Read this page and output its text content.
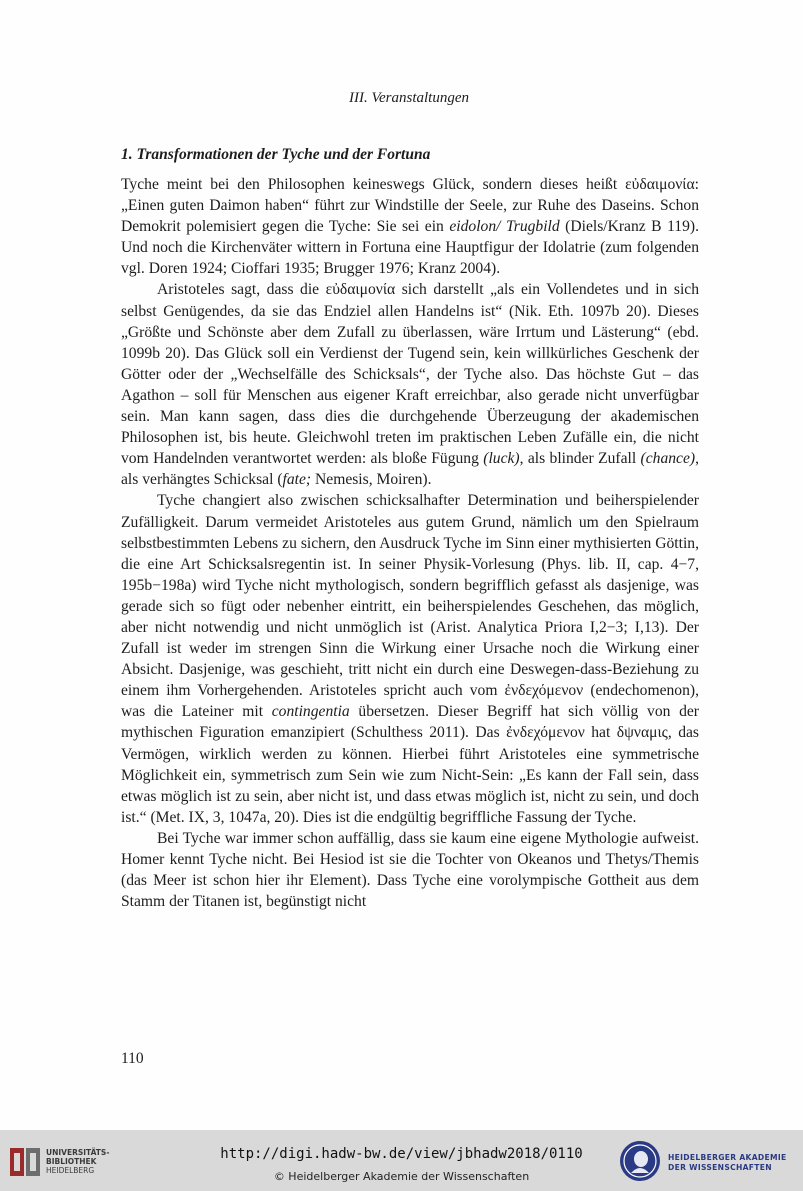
III. Veranstaltungen
1. Transformationen der Tyche und der Fortuna

Tyche meint bei den Philosophen keineswegs Glück, sondern dieses heißt εὐδαιμονία: „Einen guten Daimon haben“ führt zur Windstille der Seele, zur Ruhe des Daseins. Schon Demokrit polemisiert gegen die Tyche: Sie sei ein eidolon/ Trugbild (Diels/Kranz B 119). Und noch die Kirchenväter wittern in Fortuna eine Hauptfigur der Idolatrie (zum folgenden vgl. Doren 1924; Cioffari 1935; Brugger 1976; Kranz 2004).

Aristoteles sagt, dass die εὐδαιμονία sich darstellt „als ein Vollendetes und in sich selbst Genügendes, da sie das Endziel allen Handelns ist“ (Nik. Eth. 1097b 20). Dieses „Größte und Schönste aber dem Zufall zu überlassen, wäre Irrtum und Lästerung“ (ebd. 1099b 20). Das Glück soll ein Verdienst der Tugend sein, kein willkürliches Geschenk der Götter oder der „Wechselfälle des Schicksals“, der Tyche also. Das höchste Gut – das Agathon – soll für Menschen aus eigener Kraft erreichbar, also gerade nicht unverfügbar sein. Man kann sagen, dass dies die durchgehende Überzeugung der akademischen Philosophen ist, bis heute. Gleichwohl treten im praktischen Leben Zufälle ein, die nicht vom Handelnden verantwortet werden: als bloße Fügung (luck), als blinder Zufall (chance), als verhängtes Schicksal (fate; Nemesis, Moiren).

Tyche changiert also zwischen schicksalhafter Determination und beiherspielender Zufälligkeit. Darum vermeidet Aristoteles aus gutem Grund, nämlich um den Spielraum selbstbestimmten Lebens zu sichern, den Ausdruck Tyche im Sinn einer mythisierten Göttin, die eine Art Schicksalsregentin ist. In seiner Physik-Vorlesung (Phys. lib. II, cap. 4−7, 195b−198a) wird Tyche nicht mythologisch, sondern begrifflich gefasst als dasjenige, was gerade sich so fügt oder nebenher eintritt, ein beiherspielendes Geschehen, das möglich, aber nicht notwendig und nicht unmöglich ist (Arist. Analytica Priora I,2−3; I,13). Der Zufall ist weder im strengen Sinn die Wirkung einer Ursache noch die Wirkung einer Absicht. Dasjenige, was geschieht, tritt nicht ein durch eine Deswegen-dass-Beziehung zu einem ihm Vorhergehenden. Aristoteles spricht auch vom ἐνδεχόμενον (endechomenon), was die Lateiner mit contingentia übersetzen. Dieser Begriff hat sich völlig von der mythischen Figuration emanzipiert (Schulthess 2011). Das ἐνδεχόμενον hat δψναμις, das Vermögen, wirklich werden zu können. Hierbei führt Aristoteles eine symmetrische Möglichkeit ein, symmetrisch zum Sein wie zum Nicht-Sein: „Es kann der Fall sein, dass etwas möglich ist zu sein, aber nicht ist, und dass etwas möglich ist, nicht zu sein, und doch ist.“ (Met. IX, 3, 1047a, 20). Dies ist die endgültig begriffliche Fassung der Tyche.

Bei Tyche war immer schon auffällig, dass sie kaum eine eigene Mythologie aufweist. Homer kennt Tyche nicht. Bei Hesiod ist sie die Tochter von Okeanos und Thetys/Themis (das Meer ist schon hier ihr Element). Dass Tyche eine vorolympische Gottheit aus dem Stamm der Titanen ist, begünstigt nicht

110
UNIVERSITÄTS-
BIBLIOTHEK
HEIDELBERG
http://digi.hadw-bw.de/view/jbhadw2018/0110
© Heidelberger Akademie der Wissenschaften
HEIDELBERGER AKADEMIE
DER WISSENSCHAFTEN
